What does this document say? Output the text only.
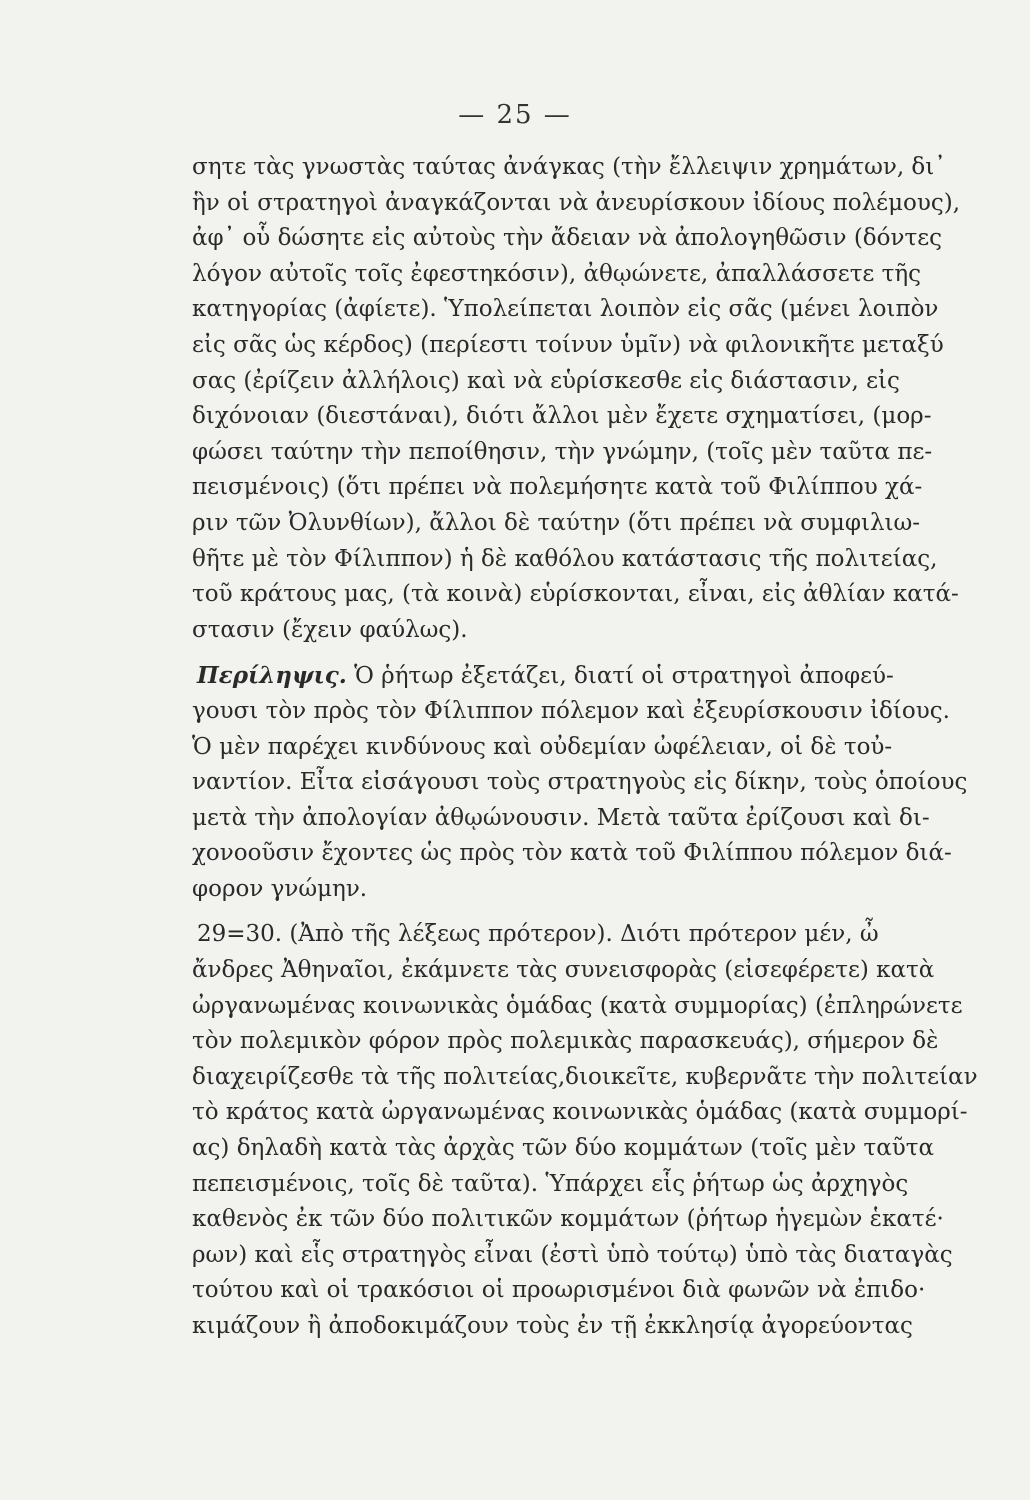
— 25 —
σητε τὰς γνωστὰς ταύτας ἀνάγκας (τὴν ἔλλειψιν χρημάτων, δι᾿
ἣν οἱ στρατηγοὶ ἀναγκάζονται νὰ ἀνευρίσκουν ἰδίους πολέμους),
ἀφ᾿ οὗ δώσητε εἰς αὐτοὺς τὴν ἄδειαν νὰ ἀπολογηθῶσιν (δόντες
λόγον αὐτοῖς τοῖς ἐφεστηκόσιν), ἀθῳώνετε, ἀπαλλάσσετε τῆς
κατηγορίας (ἀφίετε). Ὑπολείπεται λοιπὸν εἰς σᾶς (μένει λοιπὸν
εἰς σᾶς ὡς κέρδος) (περίεστι τοίνυν ὑμῖν) νὰ φιλονικῆτε μεταξύ
σας (ἐρίζειν ἀλλήλοις) καὶ νὰ εὑρίσκεσθε εἰς διάστασιν, εἰς
διχόνοιαν (διεστάναι), διότι ἄλλοι μὲν ἔχετε σχηματίσει, (μορ-
φώσει ταύτην τὴν πεποίθησιν, τὴν γνώμην, (τοῖς μὲν ταῦτα πε-
πεισμένοις) (ὅτι πρέπει νὰ πολεμήσητε κατὰ τοῦ Φιλίππου χά-
ριν τῶν Ὀλυνθίων), ἄλλοι δὲ ταύτην (ὅτι πρέπει νὰ συμφιλιω-
θῆτε μὲ τὸν Φίλιππον) ἡ δὲ καθόλου κατάστασις τῆς πολιτείας,
τοῦ κράτους μας, (τὰ κοινὰ) εὑρίσκονται, εἶναι, εἰς ἀθλίαν κατά-
στασιν (ἔχειν φαύλως).
Περίληψις. Ὁ ῥήτωρ ἐξετάζει, διατί οἱ στρατηγοὶ ἀποφεύ-
γουσι τὸν πρὸς τὸν Φίλιππον πόλεμον καὶ ἐξευρίσκουσιν ἰδίους.
Ὁ μὲν παρέχει κινδύνους καὶ οὐδεμίαν ὠφέλειαν, οἱ δὲ τοὐ-
ναντίον. Εἶτα εἰσάγουσι τοὺς στρατηγοὺς εἰς δίκην, τοὺς ὁποίους
μετὰ τὴν ἀπολογίαν ἀθῳώνουσιν. Μετὰ ταῦτα ἐρίζουσι καὶ δι-
χονοοῦσιν ἔχοντες ὡς πρὸς τὸν κατὰ τοῦ Φιλίππου πόλεμον διά-
φορον γνώμην.
29=30. (Ἀπὸ τῆς λέξεως πρότερον). Διότι πρότερον μέν, ὦ
ἄνδρες Ἀθηναῖοι, ἐκάμνετε τὰς συνεισφορὰς (εἰσεφέρετε) κατὰ
ὠργανωμένας κοινωνικὰς ὁμάδας (κατὰ συμμορίας) (ἐπληρώνετε
τὸν πολεμικὸν φόρον πρὸς πολεμικὰς παρασκευάς), σήμερον δὲ
διαχειρίζεσθε τὰ τῆς πολιτείας,διοικεῖτε, κυβερνᾶτε τὴν πολιτείαν
τὸ κράτος κατὰ ὠργανωμένας κοινωνικὰς ὁμάδας (κατὰ συμμορί-
ας) δηλαδὴ κατὰ τὰς ἀρχὰς τῶν δύο κομμάτων (τοῖς μὲν ταῦτα
πεπεισμένοις, τοῖς δὲ ταῦτα). Ὑπάρχει εἷς ῥήτωρ ὡς ἀρχηγὸς
καθενὸς ἐκ τῶν δύο πολιτικῶν κομμάτων (ῥήτωρ ἡγεμὼν ἑκατέ·
ρων) καὶ εἷς στρατηγὸς εἶναι (ἐστὶ ὑπὸ τούτῳ) ὑπὸ τὰς διαταγὰς
τούτου καὶ οἱ τρακόσιοι οἱ προωρισμένοι διὰ φωνῶν νὰ ἐπιδο·
κιμάζουν ἢ ἀποδοκιμάζουν τοὺς ἐν τῇ ἐκκλησίᾳ ἀγορεύοντας
